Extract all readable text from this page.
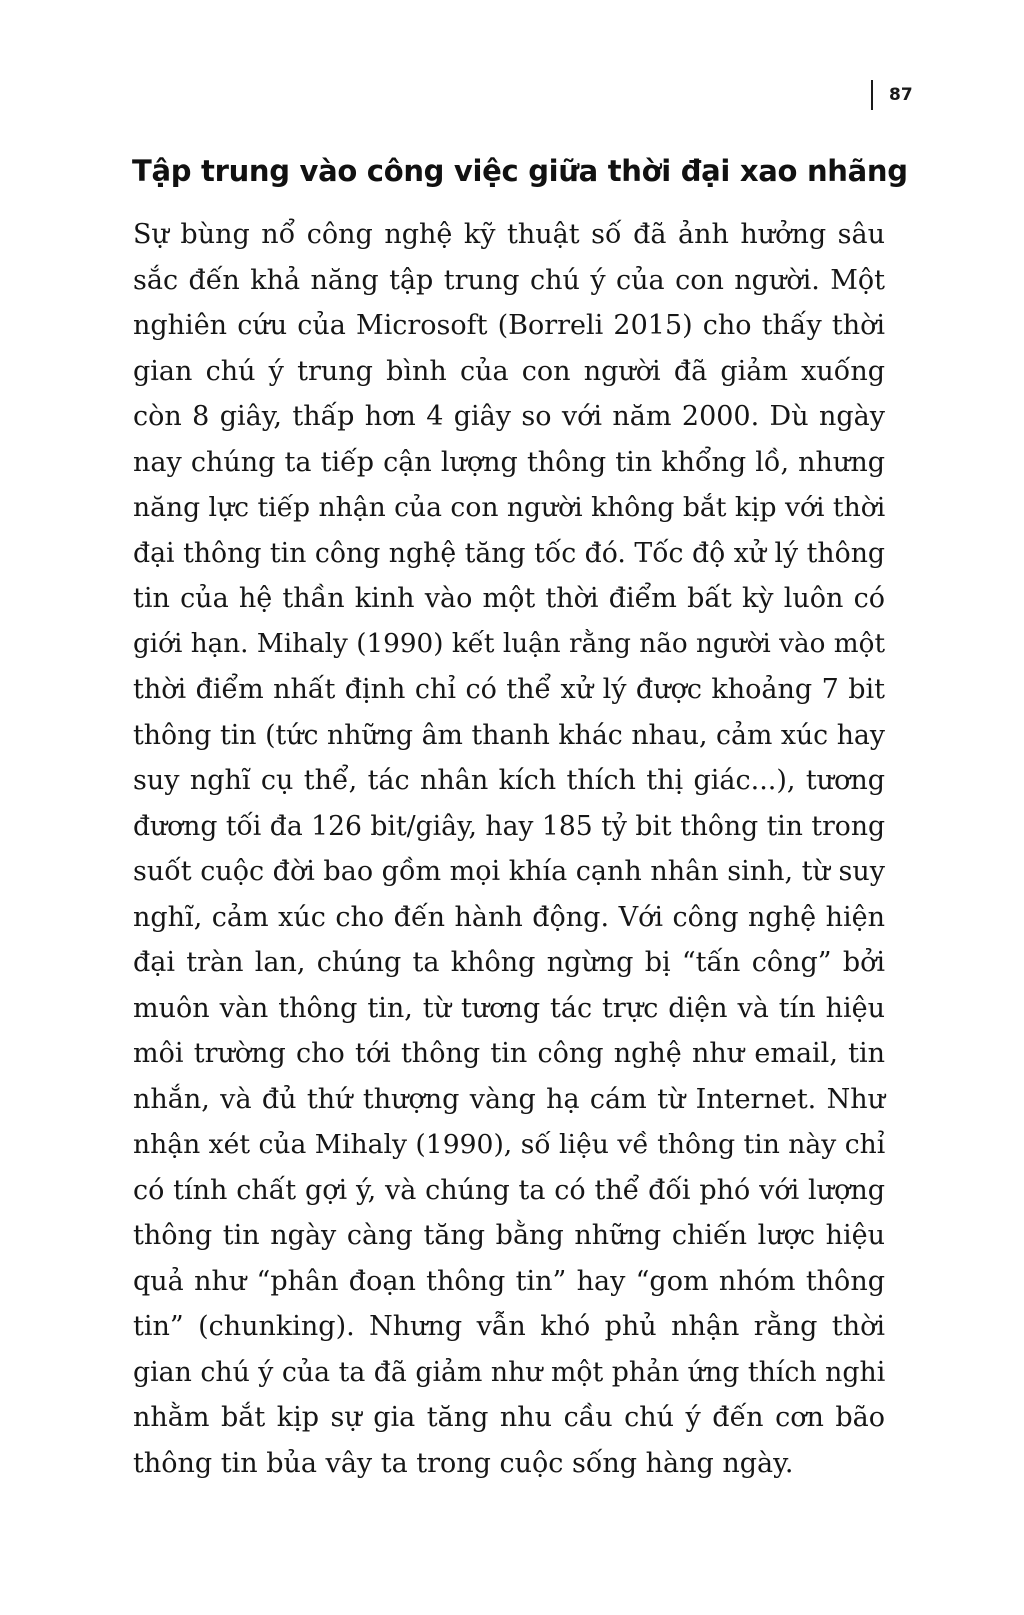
87
Tập trung vào công việc giữa thời đại xao nhãng
Sự bùng nổ công nghệ kỹ thuật số đã ảnh hưởng sâu
sắc đến khả năng tập trung chú ý của con người. Một
nghiên cứu của Microsoft (Borreli 2015) cho thấy thời
gian chú ý trung bình của con người đã giảm xuống
còn 8 giây, thấp hơn 4 giây so với năm 2000. Dù ngày
nay chúng ta tiếp cận lượng thông tin khổng lồ, nhưng
năng lực tiếp nhận của con người không bắt kịp với thời
đại thông tin công nghệ tăng tốc đó. Tốc độ xử lý thông
tin của hệ thần kinh vào một thời điểm bất kỳ luôn có
giới hạn. Mihaly (1990) kết luận rằng não người vào một
thời điểm nhất định chỉ có thể xử lý được khoảng 7 bit
thông tin (tức những âm thanh khác nhau, cảm xúc hay
suy nghĩ cụ thể, tác nhân kích thích thị giác...), tương
đương tối đa 126 bit/giây, hay 185 tỷ bit thông tin trong
suốt cuộc đời bao gồm mọi khía cạnh nhân sinh, từ suy
nghĩ, cảm xúc cho đến hành động. Với công nghệ hiện
đại tràn lan, chúng ta không ngừng bị “tấn công” bởi
muôn vàn thông tin, từ tương tác trực diện và tín hiệu
môi trường cho tới thông tin công nghệ như email, tin
nhắn, và đủ thứ thượng vàng hạ cám từ Internet. Như
nhận xét của Mihaly (1990), số liệu về thông tin này chỉ
có tính chất gợi ý, và chúng ta có thể đối phó với lượng
thông tin ngày càng tăng bằng những chiến lược hiệu
quả như “phân đoạn thông tin” hay “gom nhóm thông
tin” (chunking). Nhưng vẫn khó phủ nhận rằng thời
gian chú ý của ta đã giảm như một phản ứng thích nghi
nhằm bắt kịp sự gia tăng nhu cầu chú ý đến cơn bão
thông tin bủa vây ta trong cuộc sống hàng ngày.
